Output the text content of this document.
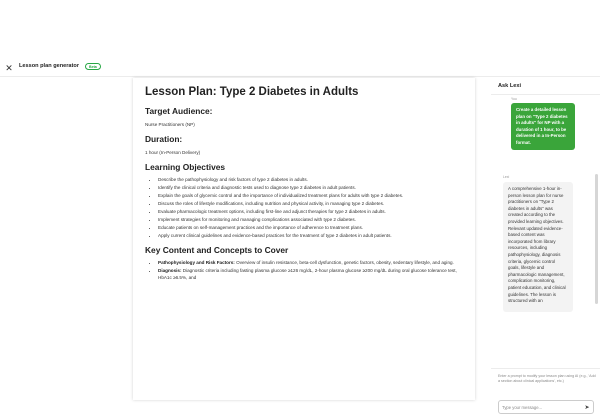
✕ Lesson plan generator	Beta
Lesson Plan: Type 2 Diabetes in Adults
Target Audience:
Nurse Practitioners (NP)
Duration:
1 hour (In-Person Delivery)
Learning Objectives
• Describe the pathophysiology and risk factors of type 2 diabetes in adults.
• Identify the clinical criteria and diagnostic tests used to diagnose type 2 diabetes in adult patients.
• Explain the goals of glycemic control and the importance of individualized treatment plans for adults with type 2 diabetes.
• Discuss the roles of lifestyle modifications, including nutrition and physical activity, in managing type 2 diabetes.
• Evaluate pharmacologic treatment options, including first-line and adjunct therapies for type 2 diabetes in adults.
• Implement strategies for monitoring and managing complications associated with type 2 diabetes.
• Educate patients on self-management practices and the importance of adherence to treatment plans.
• Apply current clinical guidelines and evidence-based practices for the treatment of type 2 diabetes in adult patients.
Key Content and Concepts to Cover
• Pathophysiology and Risk Factors: Overview of insulin resistance, beta-cell dysfunction, genetic factors, obesity, sedentary lifestyle, and aging.
• Diagnosis: Diagnostic criteria including fasting plasma glucose ≥126 mg/dL, 2-hour plasma glucose ≥200 mg/dL during oral glucose tolerance test, HbA1c ≥6.5%, and
Ask Lexi
You
Create a detailed lesson plan on "Type 2 diabetes in adults" for NP with a duration of 1 hour, to be delivered in a In-Person format.
Lexi
A comprehensive 1-hour in-person lesson plan for nurse practitioners on "Type 2 diabetes in adults" was created according to the provided learning objectives. Relevant updated evidence-based content was incorporated from library resources, including pathophysiology, diagnosis criteria, glycemic control goals, lifestyle and pharmacologic management, complication monitoring, patient education, and clinical guidelines. The lesson is structured with an
Enter a prompt to modify your lesson plan using AI (e.g., 'Add a section about clinical applications', etc.)
Type your message...
➤
